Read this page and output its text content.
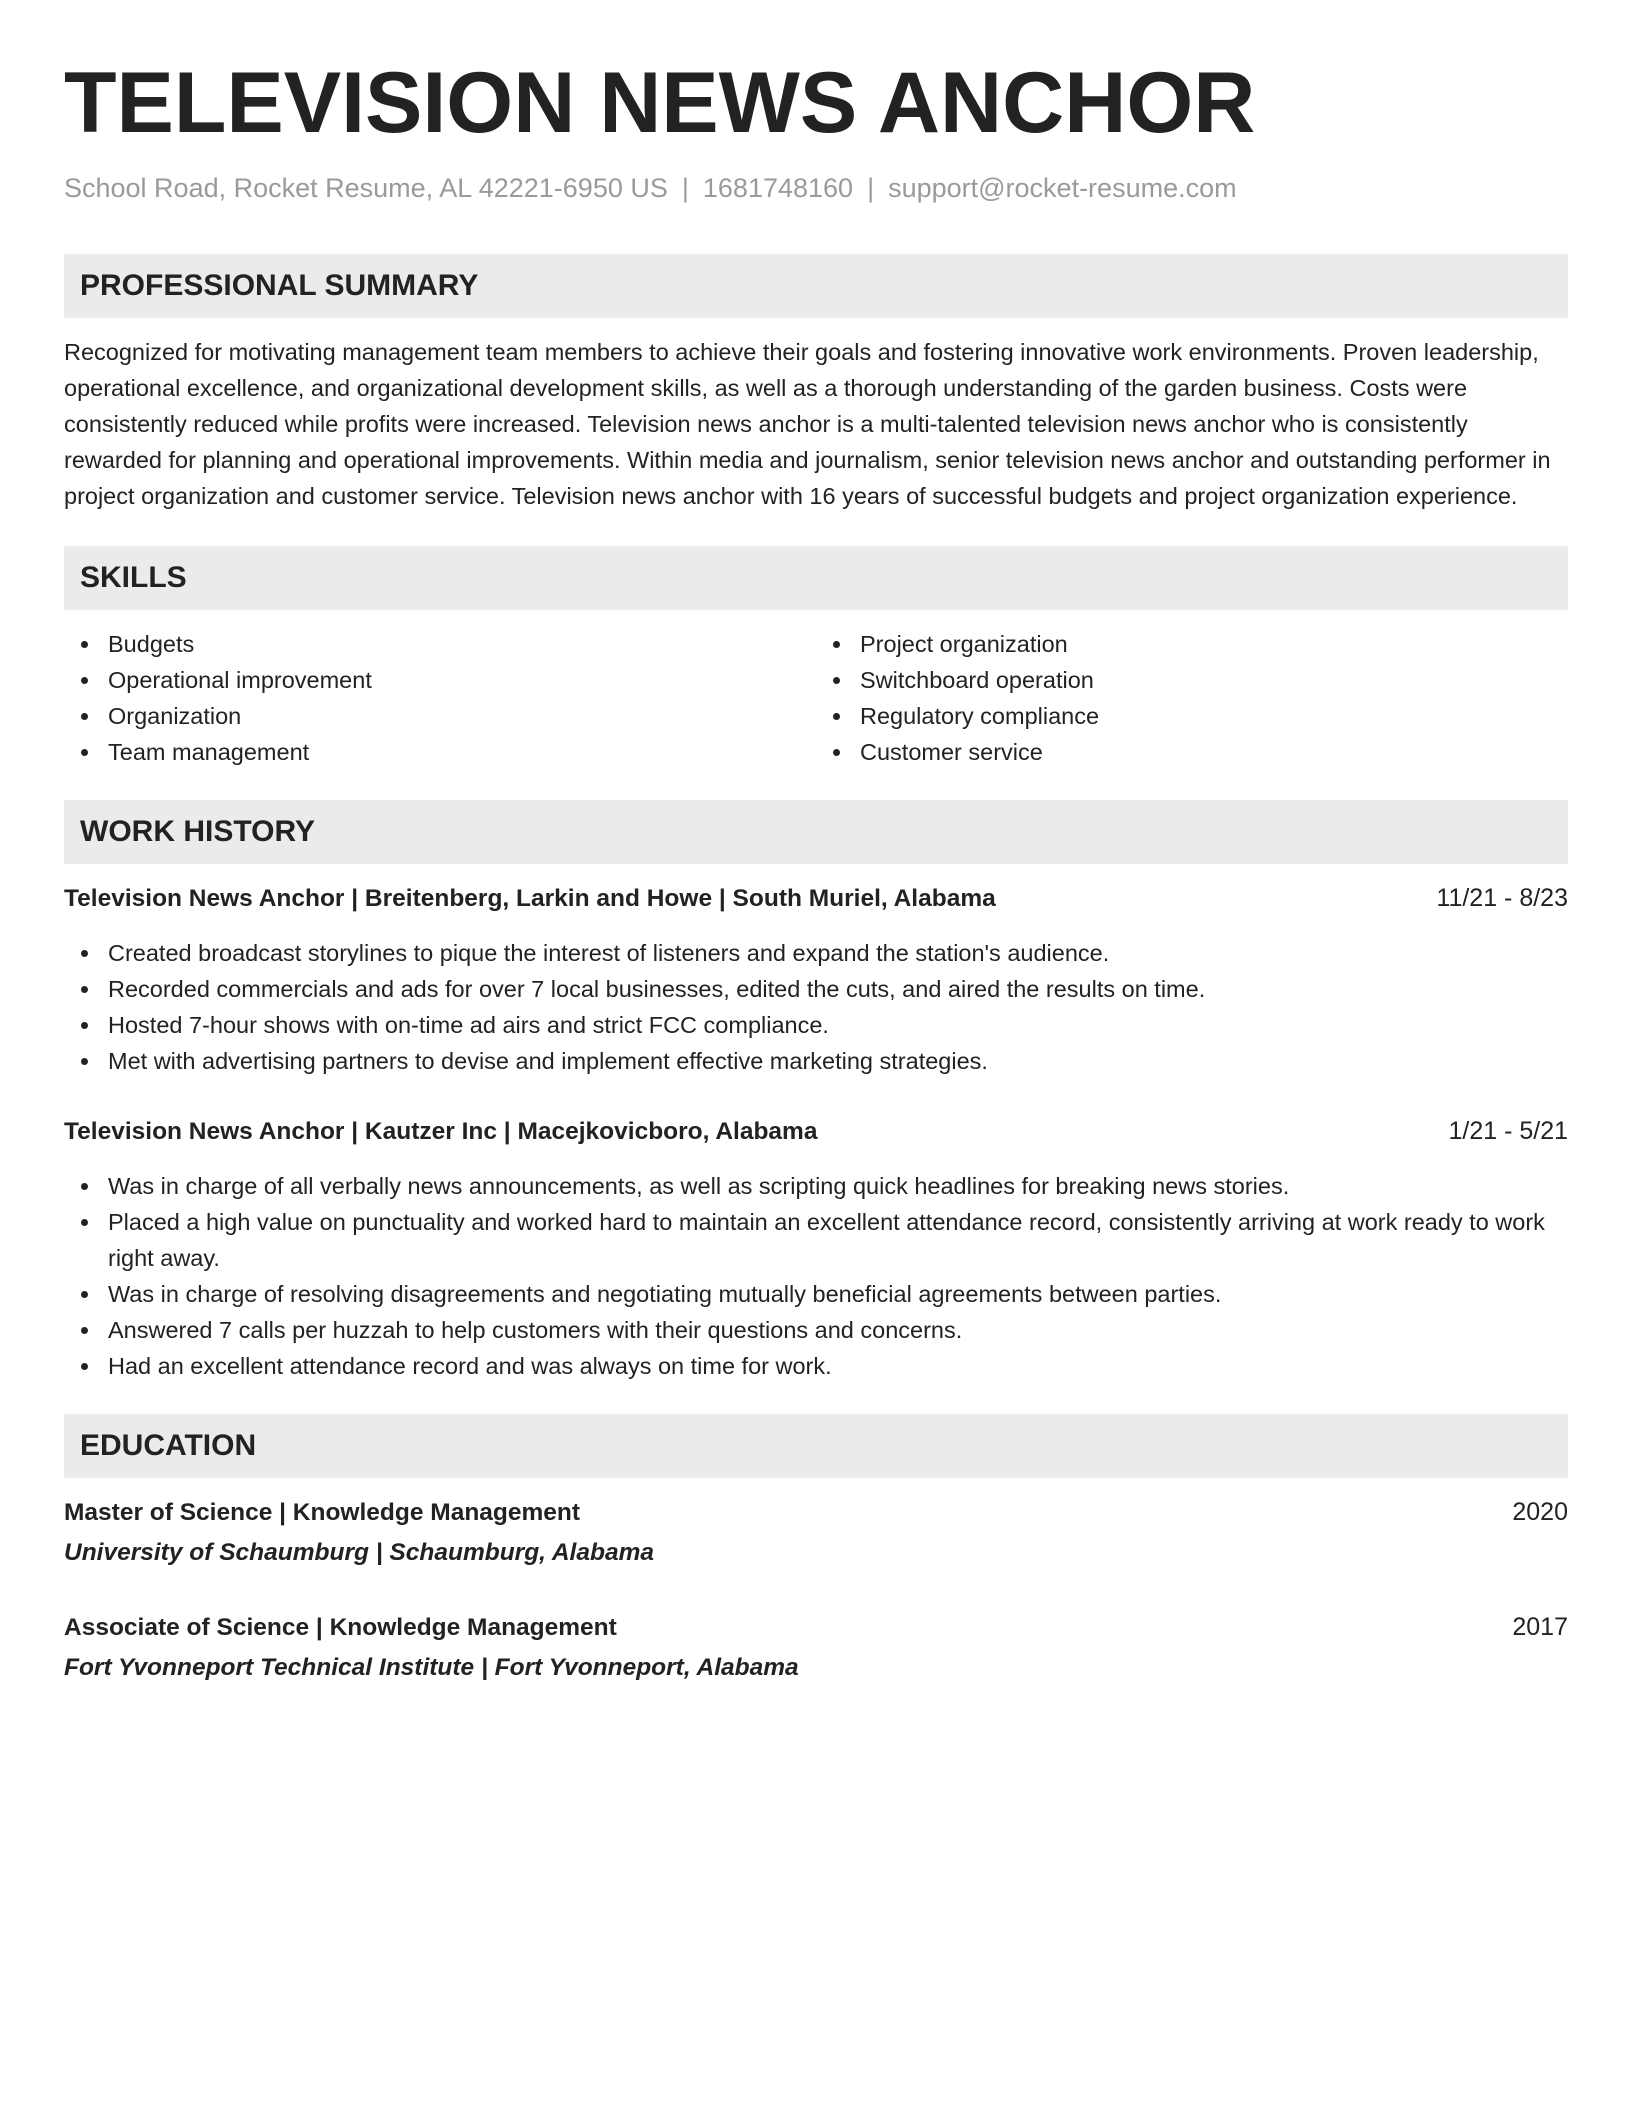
TELEVISION NEWS ANCHOR
School Road, Rocket Resume, AL 42221-6950 US | 1681748160 | support@rocket-resume.com
PROFESSIONAL SUMMARY
Recognized for motivating management team members to achieve their goals and fostering innovative work environments. Proven leadership, operational excellence, and organizational development skills, as well as a thorough understanding of the garden business. Costs were consistently reduced while profits were increased. Television news anchor is a multi-talented television news anchor who is consistently rewarded for planning and operational improvements. Within media and journalism, senior television news anchor and outstanding performer in project organization and customer service. Television news anchor with 16 years of successful budgets and project organization experience.
SKILLS
Budgets
Operational improvement
Organization
Team management
Project organization
Switchboard operation
Regulatory compliance
Customer service
WORK HISTORY
Television News Anchor | Breitenberg, Larkin and Howe | South Muriel, Alabama	11/21 - 8/23
Created broadcast storylines to pique the interest of listeners and expand the station's audience.
Recorded commercials and ads for over 7 local businesses, edited the cuts, and aired the results on time.
Hosted 7-hour shows with on-time ad airs and strict FCC compliance.
Met with advertising partners to devise and implement effective marketing strategies.
Television News Anchor | Kautzer Inc | Macejkovicboro, Alabama	1/21 - 5/21
Was in charge of all verbally news announcements, as well as scripting quick headlines for breaking news stories.
Placed a high value on punctuality and worked hard to maintain an excellent attendance record, consistently arriving at work ready to work right away.
Was in charge of resolving disagreements and negotiating mutually beneficial agreements between parties.
Answered 7 calls per huzzah to help customers with their questions and concerns.
Had an excellent attendance record and was always on time for work.
EDUCATION
Master of Science | Knowledge Management	2020
University of Schaumburg | Schaumburg, Alabama
Associate of Science | Knowledge Management	2017
Fort Yvonneport Technical Institute | Fort Yvonneport, Alabama
